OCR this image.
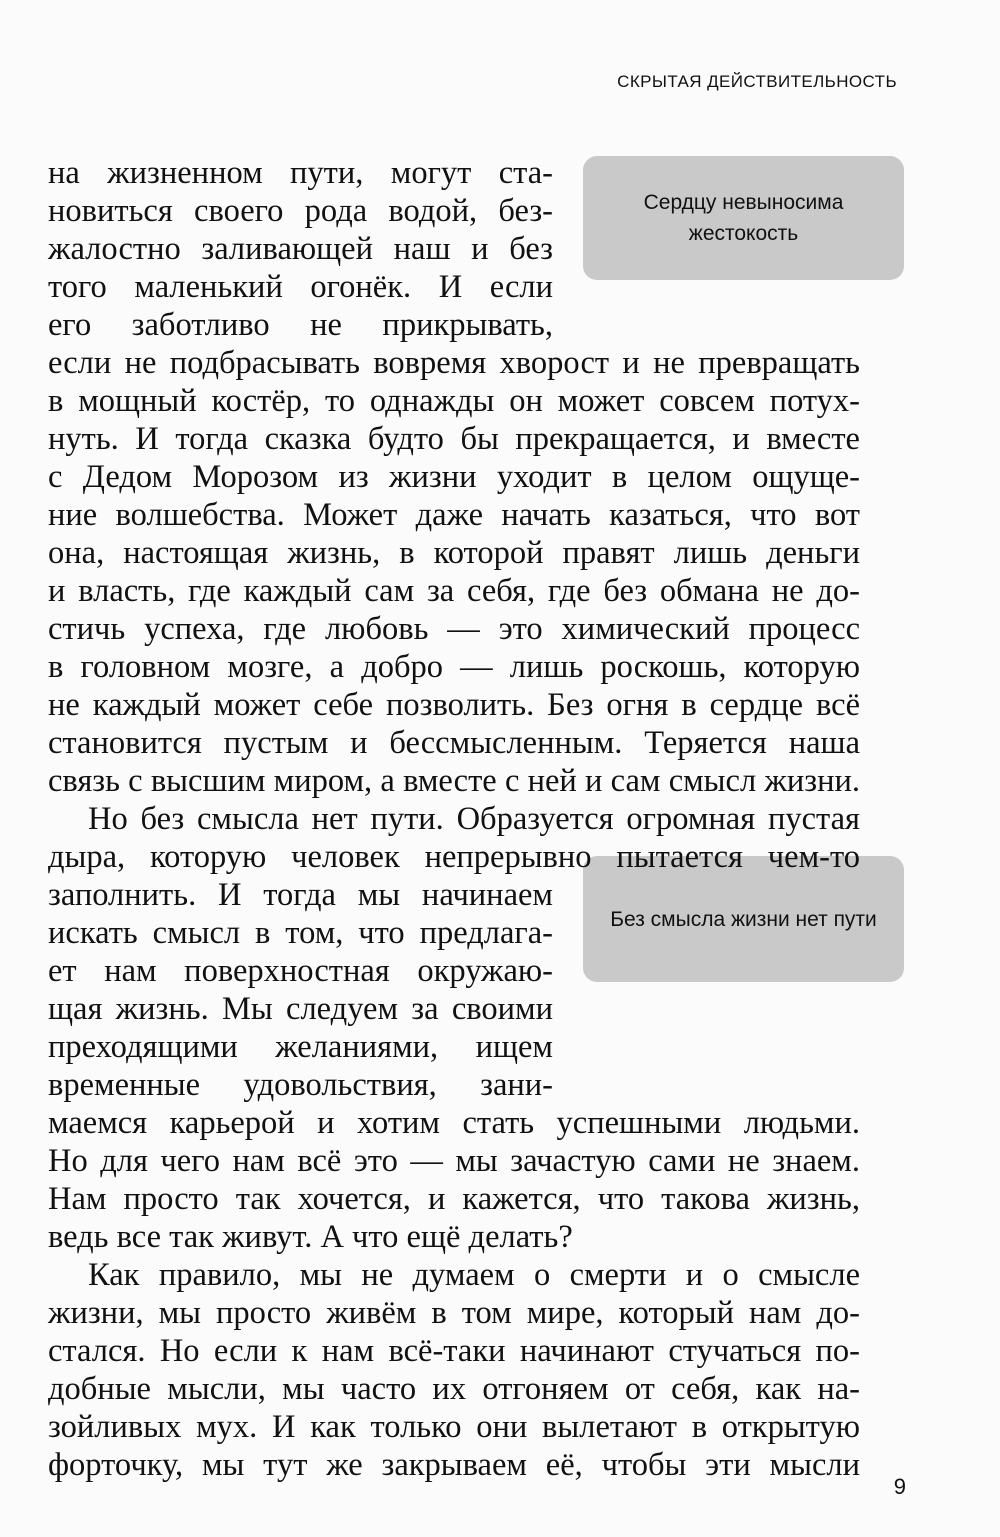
СКРЫТАЯ ДЕЙСТВИТЕЛЬНОСТЬ
Сердцу невыносима жестокость
Без смысла жизни нет пути
на жизненном пути, могут ста-
новиться своего рода водой, без-
жалостно заливающей наш и без
того маленький огонёк. И если
его заботливо не прикрывать,
если не подбрасывать вовремя хворост и не превращать
в мощный костёр, то однажды он может совсем потух-
нуть. И тогда сказка будто бы прекращается, и вместе
с Дедом Морозом из жизни уходит в целом ощуще-
ние волшебства. Может даже начать казаться, что вот
она, настоящая жизнь, в которой правят лишь деньги
и власть, где каждый сам за себя, где без обмана не до-
стичь успеха, где любовь — это химический процесс
в головном мозге, а добро — лишь роскошь, которую
не каждый может себе позволить. Без огня в сердце всё
становится пустым и бессмысленным. Теряется наша
связь с высшим миром, а вместе с ней и сам смысл жизни.
Но без смысла нет пути. Образуется огромная пустая
дыра, которую человек непрерывно пытается чем-то
заполнить. И тогда мы начинаем
искать смысл в том, что предлага-
ет нам поверхностная окружаю-
щая жизнь. Мы следуем за своими
преходящими желаниями, ищем
временные удовольствия, зани-
маемся карьерой и хотим стать успешными людьми.
Но для чего нам всё это — мы зачастую сами не знаем.
Нам просто так хочется, и кажется, что такова жизнь,
ведь все так живут. А что ещё делать?
Как правило, мы не думаем о смерти и о смысле
жизни, мы просто живём в том мире, который нам до-
стался. Но если к нам всё-таки начинают стучаться по-
добные мысли, мы часто их отгоняем от себя, как на-
зойливых мух. И как только они вылетают в открытую
форточку, мы тут же закрываем её, чтобы эти мысли
9
